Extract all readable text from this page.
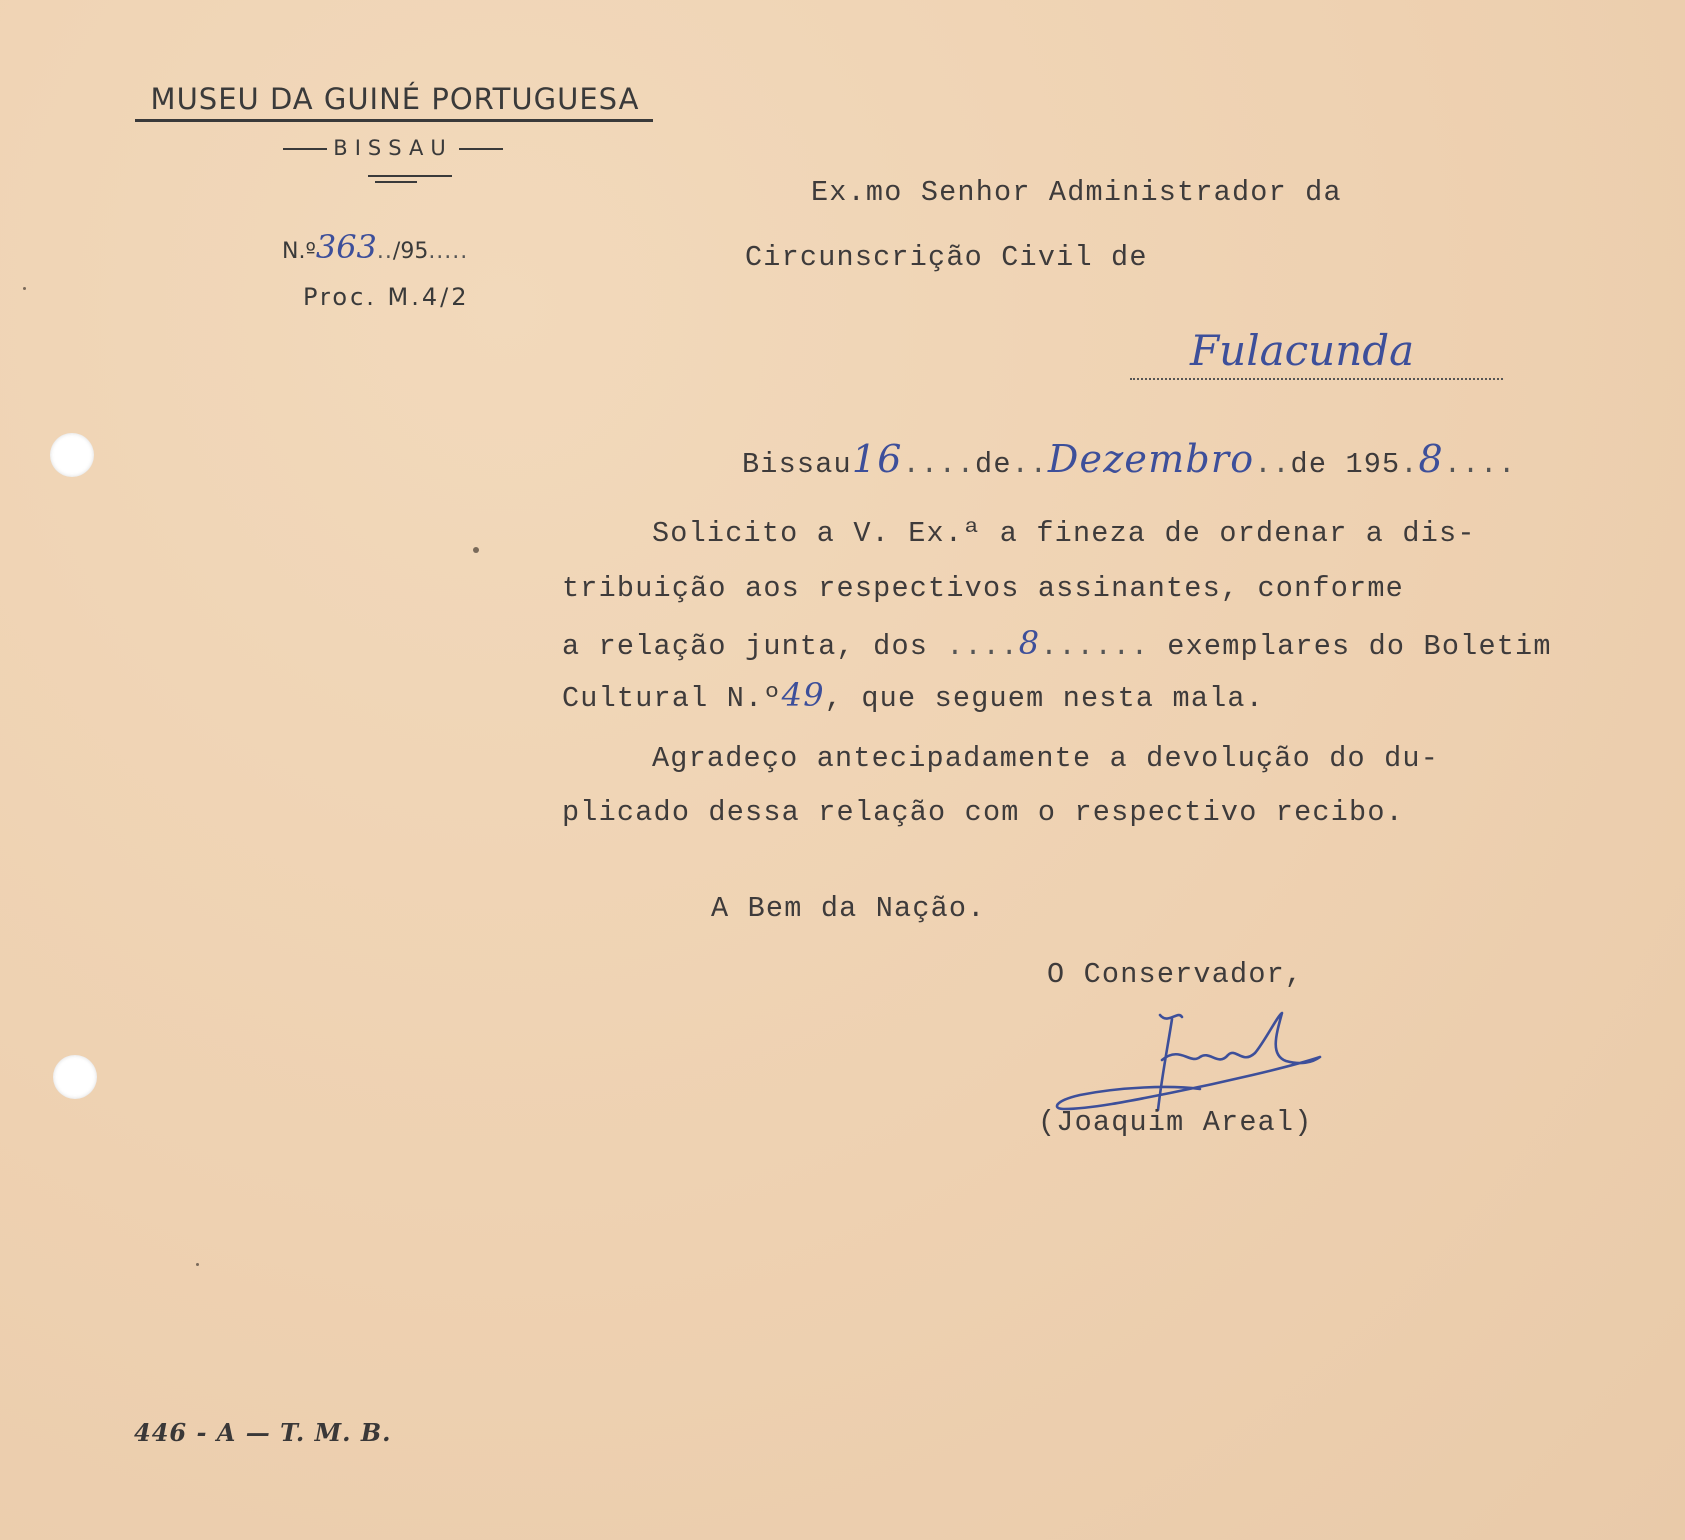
MUSEU DA GUINÉ PORTUGUESA
BISSAU
N.º363../95.....
Proc. M.4/2
Ex.mo Senhor Administrador da
Circunscrição Civil de
Fulacunda
Bissau16....de..Dezembro..de 195.8....
Solicito a V. Ex.ª a fineza de ordenar a dis-
tribuição aos respectivos assinantes, conforme
a relação junta, dos ....8...... exemplares do Boletim
Cultural N.º49, que seguem nesta mala.
Agradeço antecipadamente a devolução do du-
plicado dessa relação com o respectivo recibo.
A Bem da Nação.
O Conservador,
(Joaquim Areal)
446 - A — T. M. B.
